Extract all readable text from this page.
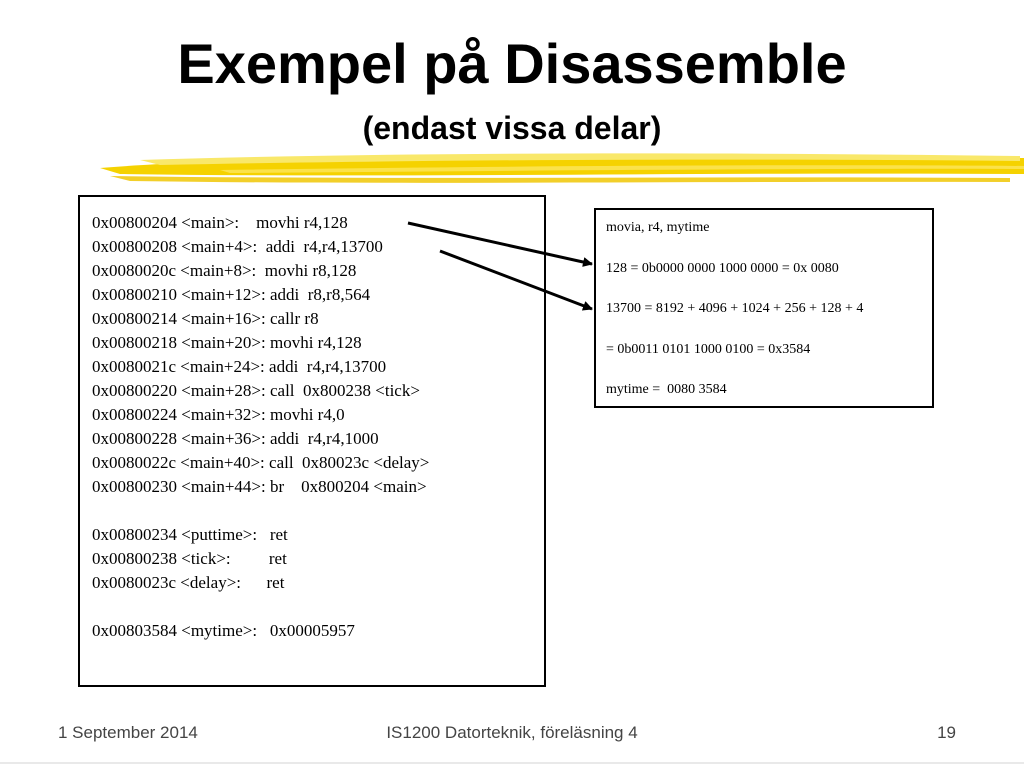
Exempel på Disassemble
(endast vissa delar)
0x00800204 <main>:    movhi r4,128
0x00800208 <main+4>:  addi  r4,r4,13700
0x0080020c <main+8>:  movhi r8,128
0x00800210 <main+12>: addi  r8,r8,564
0x00800214 <main+16>: callr r8
0x00800218 <main+20>: movhi r4,128
0x0080021c <main+24>: addi  r4,r4,13700
0x00800220 <main+28>: call  0x800238 <tick>
0x00800224 <main+32>: movhi r4,0
0x00800228 <main+36>: addi  r4,r4,1000
0x0080022c <main+40>: call  0x80023c <delay>
0x00800230 <main+44>: br    0x800204 <main>
0x00800234 <puttime>:   ret
0x00800238 <tick>:         ret
0x0080023c <delay>:      ret
0x00803584 <mytime>:   0x00005957
movia, r4, mytime
128 = 0b0000 0000 1000 0000 = 0x 0080
13700 = 8192 + 4096 + 1024 + 256 + 128 + 4
= 0b0011 0101 1000 0100 = 0x3584
mytime =  0080 3584
1 September 2014	IS1200 Datorteknik, föreläsning 4	19
